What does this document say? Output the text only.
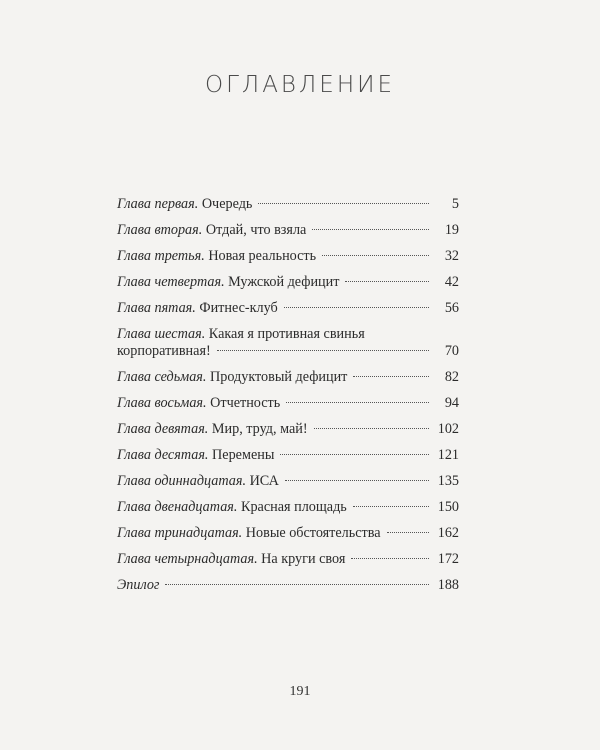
ОГЛАВЛЕНИЕ
Глава первая. Очередь	5
Глава вторая. Отдай, что взяла	19
Глава третья. Новая реальность	32
Глава четвертая. Мужской дефицит	42
Глава пятая. Фитнес-клуб	56
Глава шестая. Какая я противная свинья
корпоративная!	70
Глава седьмая. Продуктовый дефицит	82
Глава восьмая. Отчетность	94
Глава девятая. Мир, труд, май!	102
Глава десятая. Перемены	121
Глава одиннадцатая. ИСА	135
Глава двенадцатая. Красная площадь	150
Глава тринадцатая. Новые обстоятельства	162
Глава четырнадцатая. На круги своя	172
Эпилог	188
191
